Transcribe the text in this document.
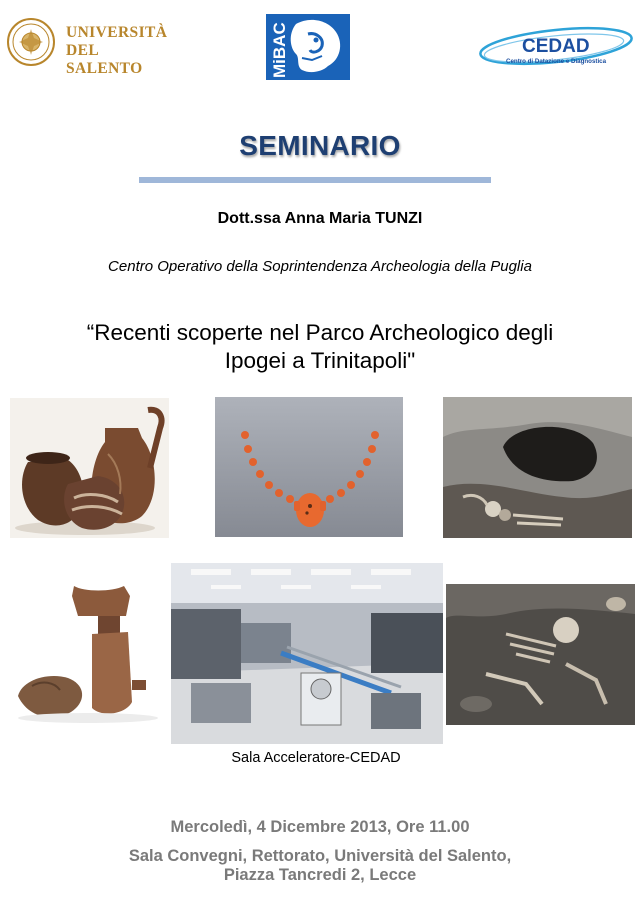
UNIVERSITÀ
DEL SALENTO	MiBAC	CEDAD
Centro di Datazione e Diagnostica
SEMINARIO
Dott.ssa Anna Maria TUNZI
Centro Operativo della Soprintendenza Archeologia della Puglia
“Recenti scoperte nel Parco Archeologico degli
Ipogei a Trinitapoli"
Sala Acceleratore-CEDAD
Mercoledì, 4 Dicembre 2013, Ore 11.00
Sala Convegni, Rettorato, Università del Salento,
Piazza Tancredi 2, Lecce
